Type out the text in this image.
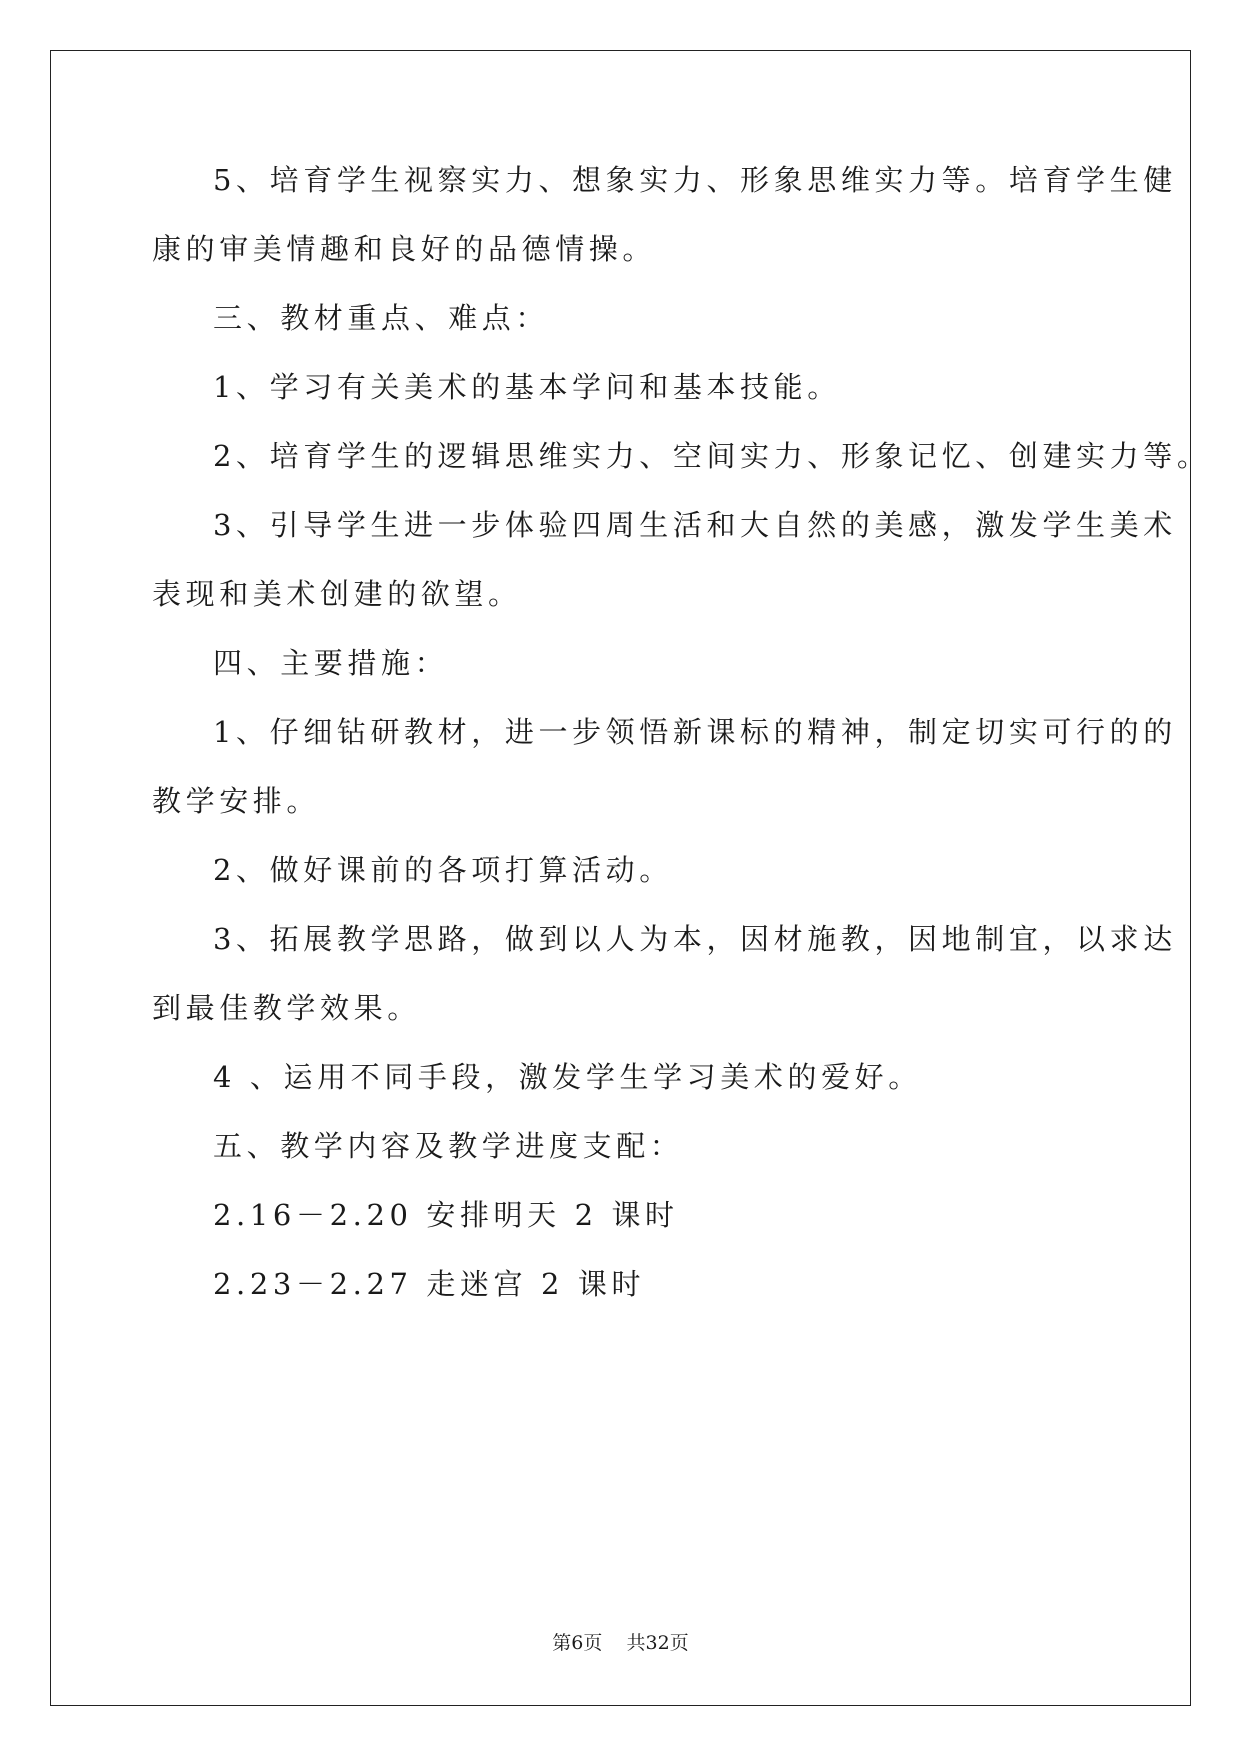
5、培育学生视察实力、想象实力、形象思维实力等。培育学生健
康的审美情趣和良好的品德情操。
三、教材重点、难点：
1、学习有关美术的基本学问和基本技能。
2、培育学生的逻辑思维实力、空间实力、形象记忆、创建实力等。
3、引导学生进一步体验四周生活和大自然的美感，激发学生美术
表现和美术创建的欲望。
四、主要措施：
1、仔细钻研教材，进一步领悟新课标的精神，制定切实可行的的
教学安排。
2、做好课前的各项打算活动。
3、拓展教学思路，做到以人为本，因材施教，因地制宜，以求达
到最佳教学效果。
4 、运用不同手段，激发学生学习美术的爱好。
五、教学内容及教学进度支配：
2.16－2.20 安排明天 2 课时
2.23－2.27 走迷宫 2 课时
第6页 共32页
